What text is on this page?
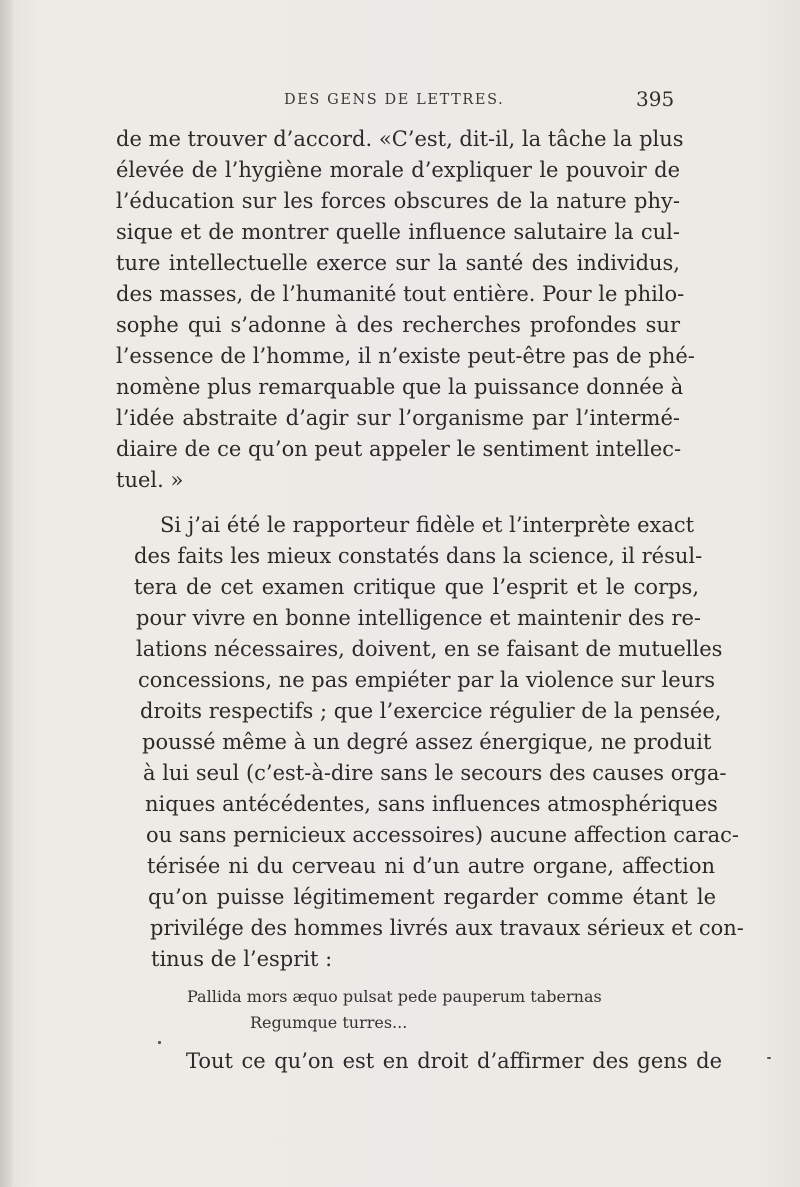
DES GENS DE LETTRES.	395
de me trouver d’accord. «C’est, dit-il, la tâche la plus
élevée de l’hygiène morale d’expliquer le pouvoir de
l’éducation sur les forces obscures de la nature phy-
sique et de montrer quelle influence salutaire la cul-
ture intellectuelle exerce sur la santé des individus,
des masses, de l’humanité tout entière. Pour le philo-
sophe qui s’adonne à des recherches profondes sur
l’essence de l’homme, il n’existe peut-être pas de phé-
nomène plus remarquable que la puissance donnée à
l’idée abstraite d’agir sur l’organisme par l’intermé-
diaire de ce qu’on peut appeler le sentiment intellec-
tuel. »
Si j’ai été le rapporteur fidèle et l’interprète exact
des faits les mieux constatés dans la science, il résul-
tera de cet examen critique que l’esprit et le corps,
pour vivre en bonne intelligence et maintenir des re-
lations nécessaires, doivent, en se faisant de mutuelles
concessions, ne pas empiéter par la violence sur leurs
droits respectifs ; que l’exercice régulier de la pensée,
poussé même à un degré assez énergique, ne produit
à lui seul (c’est-à-dire sans le secours des causes orga-
niques antécédentes, sans influences atmosphériques
ou sans pernicieux accessoires) aucune affection carac-
térisée ni du cerveau ni d’un autre organe, affection
qu’on puisse légitimement regarder comme étant le
privilége des hommes livrés aux travaux sérieux et con-
tinus de l’esprit :
Pallida mors æquo pulsat pede pauperum tabernas
Regumque turres...
Tout ce qu’on est en droit d’affirmer des gens de
